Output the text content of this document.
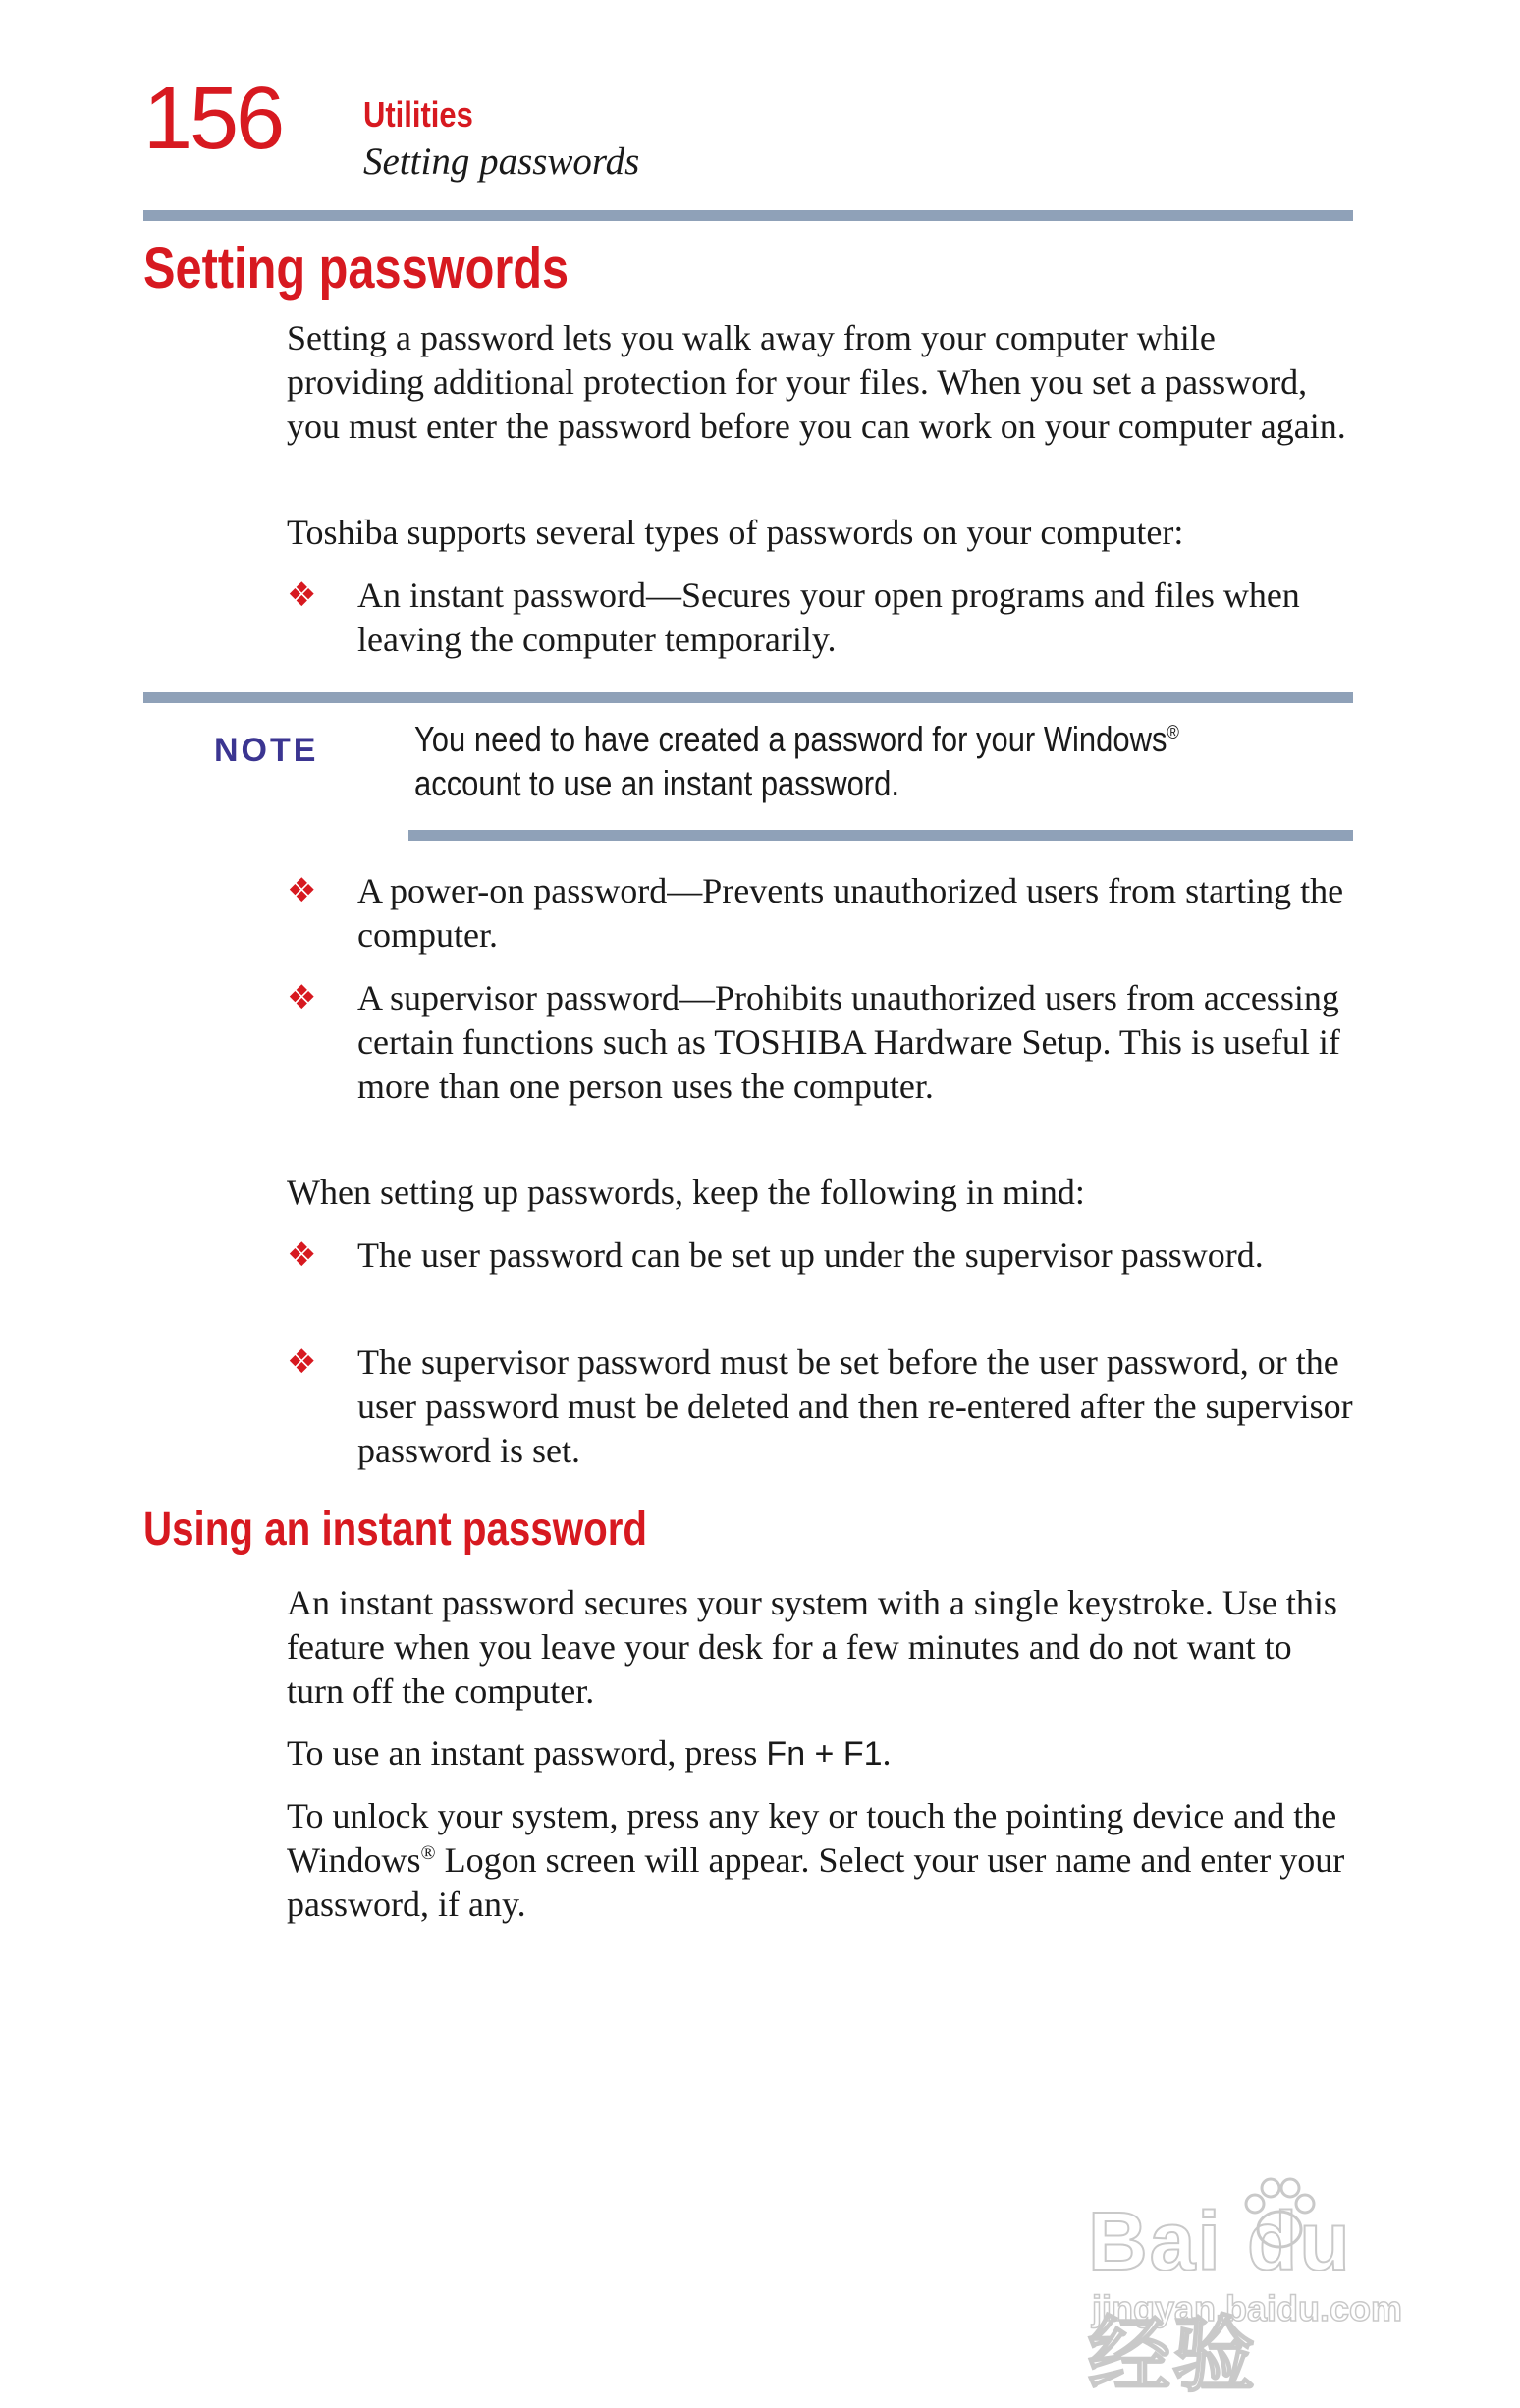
156 Utilities
Setting passwords
Setting passwords

Setting a password lets you walk away from your computer while providing additional protection for your files. When you set a password, you must enter the password before you can work on your computer again.

Toshiba supports several types of passwords on your computer:

❖ An instant password—Secures your open programs and files when leaving the computer temporarily.
NOTE	You need to have created a password for your Windows® account to use an instant password.
❖ A power-on password—Prevents unauthorized users from starting the computer.
❖ A supervisor password—Prohibits unauthorized users from accessing certain functions such as TOSHIBA Hardware Setup. This is useful if more than one person uses the computer.

When setting up passwords, keep the following in mind:

❖ The user password can be set up under the supervisor password.
❖ The supervisor password must be set before the user password, or the user password must be deleted and then re-entered after the supervisor password is set.
Using an instant password

An instant password secures your system with a single keystroke. Use this feature when you leave your desk for a few minutes and do not want to turn off the computer.

To use an instant password, press Fn + F1.

To unlock your system, press any key or touch the pointing device and the Windows® Logon screen will appear. Select your user name and enter your password, if any.

Bai du 经验
jingyan.baidu.com
